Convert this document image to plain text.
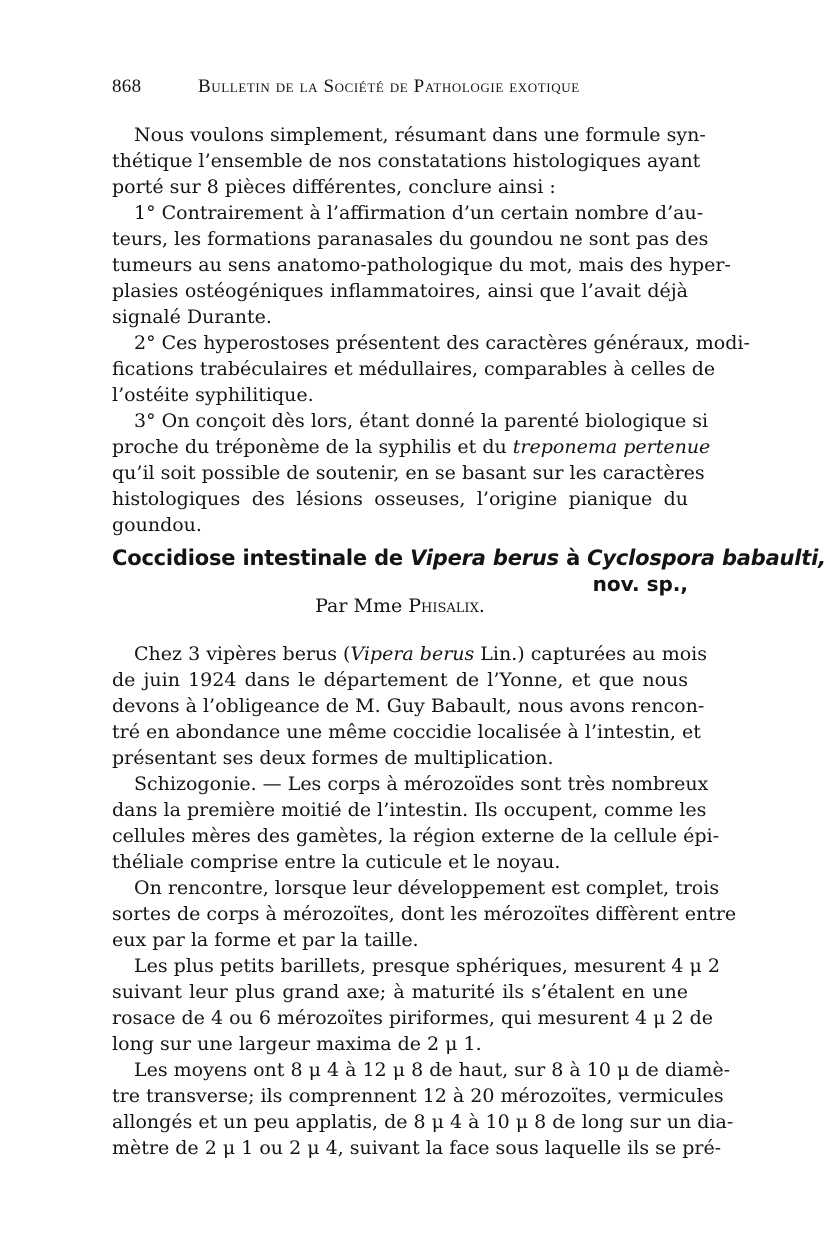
868	Bulletin de la Société de Pathologie exotique
Nous voulons simplement, résumant dans une formule syn-
thétique l’ensemble de nos constatations histologiques ayant
porté sur 8 pièces différentes, conclure ainsi :
1° Contrairement à l’affirmation d’un certain nombre d’au-
teurs, les formations paranasales du goundou ne sont pas des
tumeurs au sens anatomo-pathologique du mot, mais des hyper-
plasies ostéogéniques inflammatoires, ainsi que l’avait déjà
signalé Durante.
2° Ces hyperostoses présentent des caractères généraux, modi-
fications trabéculaires et médullaires, comparables à celles de
l’ostéite syphilitique.
3° On conçoit dès lors, étant donné la parenté biologique si
proche du tréponème de la syphilis et du treponema pertenue
qu’il soit possible de soutenir, en se basant sur les caractères
histologiques des lésions osseuses, l’origine pianique du
goundou.
Coccidiose intestinale de Vipera berus à Cyclospora babaulti,
nov. sp.,
Par Mme Phisalix.
Chez 3 vipères berus (Vipera berus Lin.) capturées au mois
de juin 1924 dans le département de l’Yonne, et que nous
devons à l’obligeance de M. Guy Babault, nous avons rencon-
tré en abondance une même coccidie localisée à l’intestin, et
présentant ses deux formes de multiplication.
Schizogonie. — Les corps à mérozoïdes sont très nombreux
dans la première moitié de l’intestin. Ils occupent, comme les
cellules mères des gamètes, la région externe de la cellule épi-
théliale comprise entre la cuticule et le noyau.
On rencontre, lorsque leur développement est complet, trois
sortes de corps à mérozoïtes, dont les mérozoïtes diffèrent entre
eux par la forme et par la taille.
Les plus petits barillets, presque sphériques, mesurent 4 μ 2
suivant leur plus grand axe; à maturité ils s’étalent en une
rosace de 4 ou 6 mérozoïtes piriformes, qui mesurent 4 μ 2 de
long sur une largeur maxima de 2 μ 1.
Les moyens ont 8 μ 4 à 12 μ 8 de haut, sur 8 à 10 μ de diamè-
tre transverse; ils comprennent 12 à 20 mérozoïtes, vermicules
allongés et un peu applatis, de 8 μ 4 à 10 μ 8 de long sur un dia-
mètre de 2 μ 1 ou 2 μ 4, suivant la face sous laquelle ils se pré-
